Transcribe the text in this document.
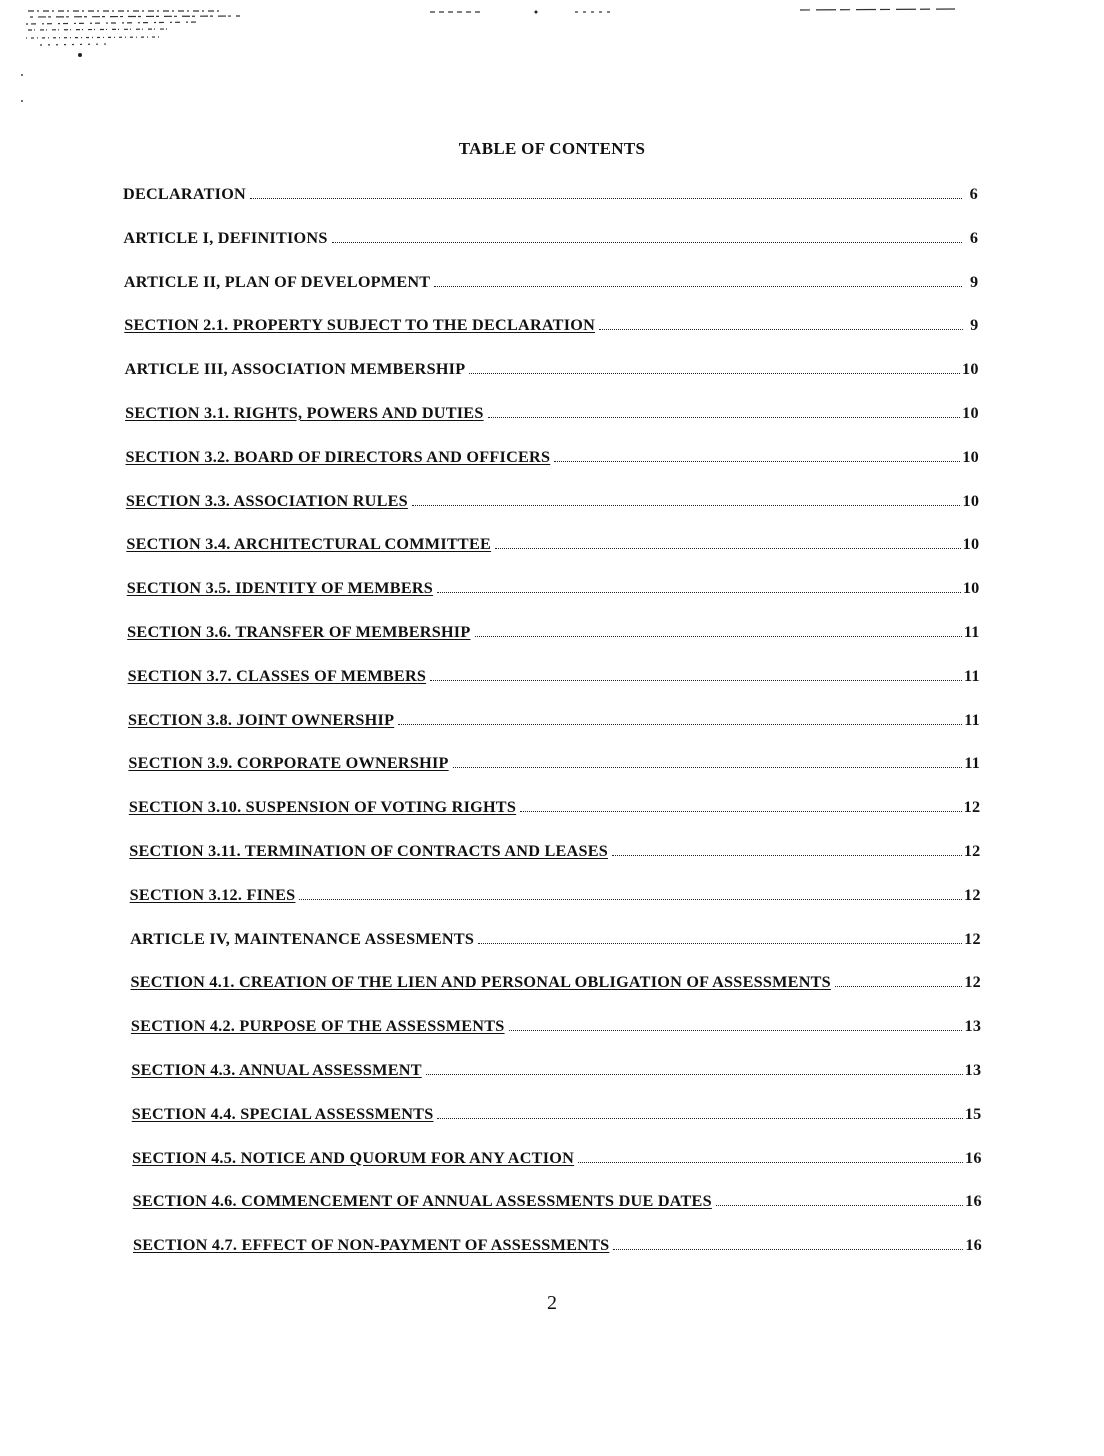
TABLE OF CONTENTS
DECLARATION	6
ARTICLE I, DEFINITIONS	6
ARTICLE II, PLAN OF DEVELOPMENT	9
SECTION 2.1. PROPERTY SUBJECT TO THE DECLARATION	9
ARTICLE III, ASSOCIATION MEMBERSHIP	10
SECTION 3.1. RIGHTS, POWERS AND DUTIES	10
SECTION 3.2. BOARD OF DIRECTORS AND OFFICERS	10
SECTION 3.3. ASSOCIATION RULES	10
SECTION 3.4. ARCHITECTURAL COMMITTEE	10
SECTION 3.5. IDENTITY OF MEMBERS	10
SECTION 3.6. TRANSFER OF MEMBERSHIP	11
SECTION 3.7. CLASSES OF MEMBERS	11
SECTION 3.8. JOINT OWNERSHIP	11
SECTION 3.9. CORPORATE OWNERSHIP	11
SECTION 3.10. SUSPENSION OF VOTING RIGHTS	12
SECTION 3.11. TERMINATION OF CONTRACTS AND LEASES	12
SECTION 3.12. FINES	12
ARTICLE IV, MAINTENANCE ASSESMENTS	12
SECTION 4.1. CREATION OF THE LIEN AND PERSONAL OBLIGATION OF ASSESSMENTS	12
SECTION 4.2. PURPOSE OF THE ASSESSMENTS	13
SECTION 4.3. ANNUAL ASSESSMENT	13
SECTION 4.4. SPECIAL ASSESSMENTS	15
SECTION 4.5. NOTICE AND QUORUM FOR ANY ACTION	16
SECTION 4.6. COMMENCEMENT OF ANNUAL ASSESSMENTS DUE DATES	16
SECTION 4.7. EFFECT OF NON-PAYMENT OF ASSESSMENTS	16
2
